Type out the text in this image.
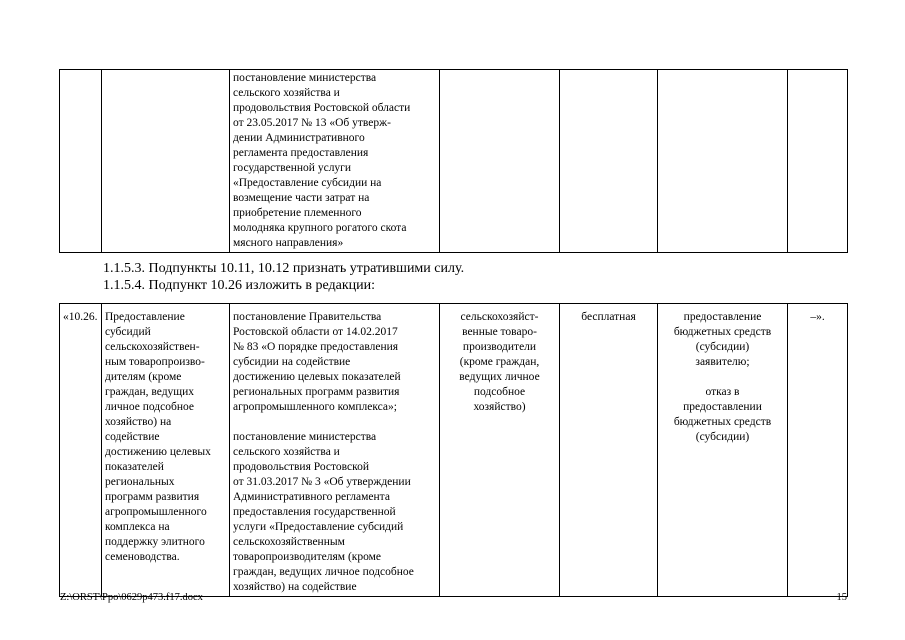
		постановление министерства
сельского хозяйства и
продовольствия Ростовской области
от 23.05.2017 № 13 «Об утверж-
дении Административного
регламента предоставления
государственной услуги
«Предоставление субсидии на
возмещение части затрат на
приобретение племенного
молодняка крупного рогатого скота
мясного направления»				
1.1.5.3. Подпункты 10.11, 10.12 признать утратившими силу.
1.1.5.4. Подпункт 10.26 изложить в редакции:
«10.26.	Предоставление
субсидий
сельскохозяйствен-
ным товаропроизво-
дителям (кроме
граждан, ведущих
личное подсобное
хозяйство) на
содействие
достижению целевых
показателей
региональных
программ развития
агропромышленного
комплекса на
поддержку элитного
семеноводства.	постановление Правительства
Ростовской области от 14.02.2017
№ 83 «О порядке предоставления
субсидии на содействие
достижению целевых показателей
региональных программ развития
агропромышленного комплекса»;

постановление министерства
сельского хозяйства и
продовольствия Ростовской
от 31.03.2017 № 3 «Об утверждении
Административного регламента
предоставления государственной
услуги «Предоставление субсидий
сельскохозяйственным
товаропроизводителям (кроме
граждан, ведущих личное подсобное
хозяйство) на содействие	сельскохозяйст-
венные товаро-
производители
(кроме граждан,
ведущих личное
подсобное
хозяйство)	бесплатная	предоставление
бюджетных средств
(субсидии)
заявителю;

отказ в
предоставлении
бюджетных средств
(субсидии)	–».
Z:\ORST\Ppo\0629p473.f17.docx	15
